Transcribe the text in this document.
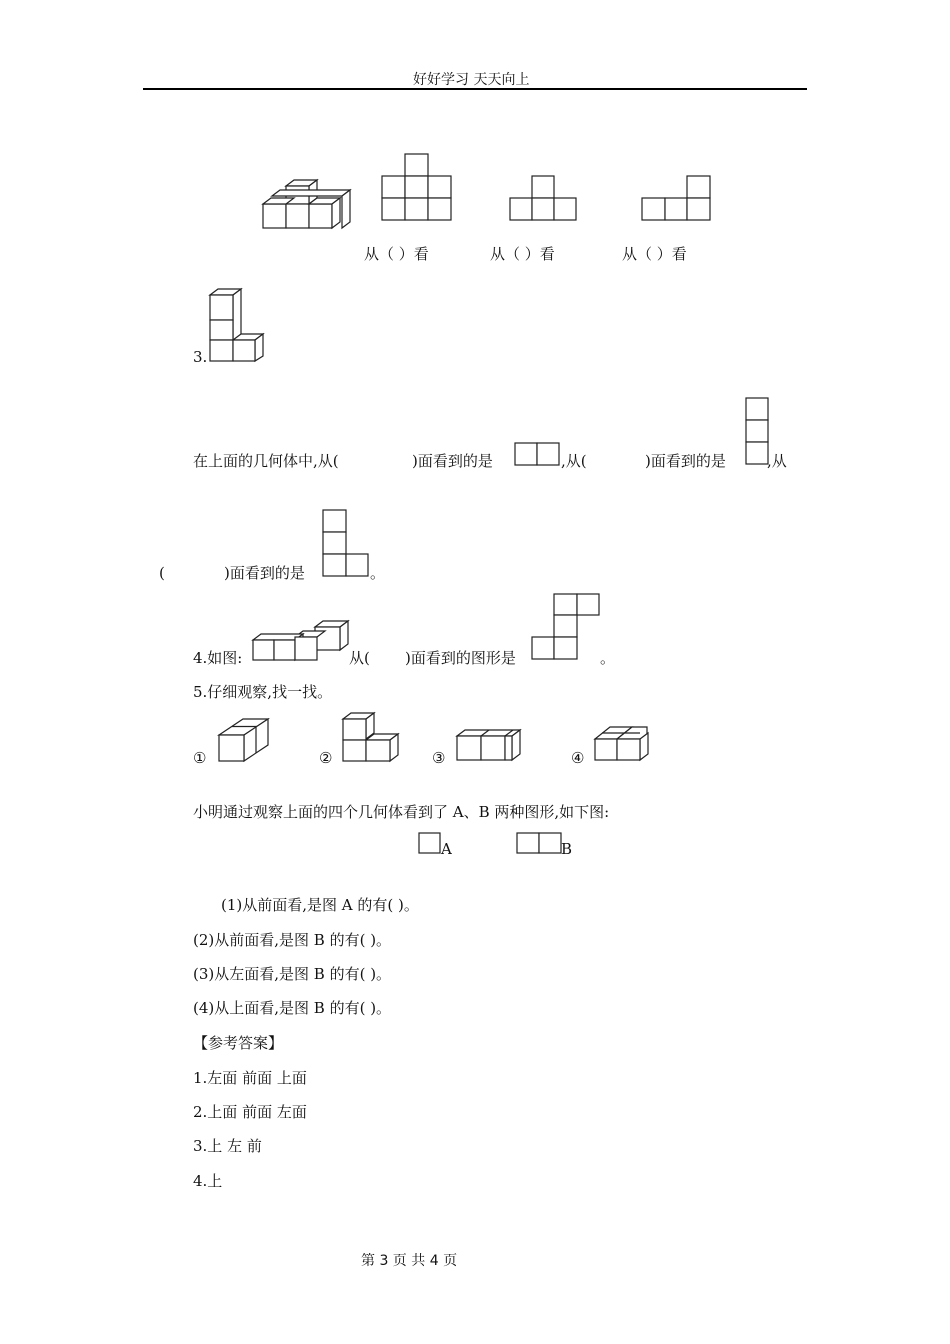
好好学习 天天向上
从（ ）看	从（ ）看	从（ ）看
3.
在上面的几何体中,从(	)面看到的是	,从(	)面看到的是	,从
(	)面看到的是	。
4.如图:	从( )面看到的图形是	。
5.仔细观察,找一找。
①	②	③	④
小明通过观察上面的四个几何体看到了 A、B 两种图形,如下图:
A	B
(1)从前面看,是图 A 的有( )。
(2)从前面看,是图 B 的有( )。
(3)从左面看,是图 B 的有( )。
(4)从上面看,是图 B 的有( )。
【参考答案】
1.左面 前面 上面
2.上面 前面 左面
3.上 左 前
4.上
第 3 页 共 4 页
